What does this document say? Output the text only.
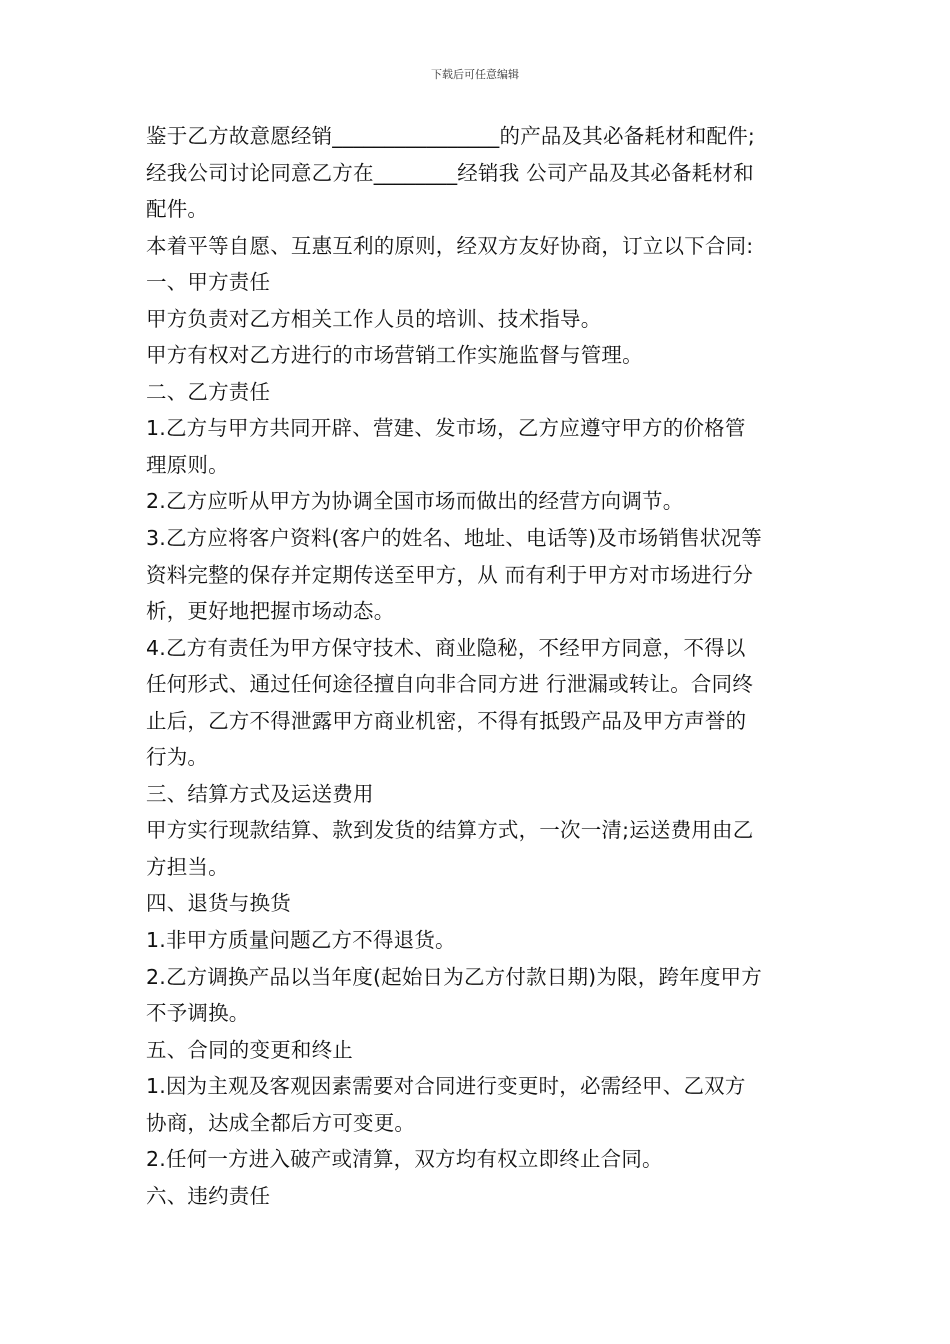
下载后可任意编辑
鉴于乙方故意愿经销________________的产品及其必备耗材和配件;
经我公司讨论同意乙方在________经销我 公司产品及其必备耗材和
配件。
本着平等自愿、互惠互利的原则，经双方友好协商，订立以下合同:
一、甲方责任
甲方负责对乙方相关工作人员的培训、技术指导。
甲方有权对乙方进行的市场营销工作实施监督与管理。
二、乙方责任
1.乙方与甲方共同开辟、营建、发市场，乙方应遵守甲方的价格管
理原则。
2.乙方应听从甲方为协调全国市场而做出的经营方向调节。
3.乙方应将客户资料(客户的姓名、地址、电话等)及市场销售状况等
资料完整的保存并定期传送至甲方，从 而有利于甲方对市场进行分
析，更好地把握市场动态。
4.乙方有责任为甲方保守技术、商业隐秘，不经甲方同意，不得以
任何形式、通过任何途径擅自向非合同方进 行泄漏或转让。合同终
止后，乙方不得泄露甲方商业机密，不得有抵毁产品及甲方声誉的
行为。
三、结算方式及运送费用
甲方实行现款结算、款到发货的结算方式，一次一清;运送费用由乙
方担当。
四、退货与换货
1.非甲方质量问题乙方不得退货。
2.乙方调换产品以当年度(起始日为乙方付款日期)为限，跨年度甲方
不予调换。
五、合同的变更和终止
1.因为主观及客观因素需要对合同进行变更时，必需经甲、乙双方
协商，达成全都后方可变更。
2.任何一方进入破产或清算，双方均有权立即终止合同。
六、违约责任
